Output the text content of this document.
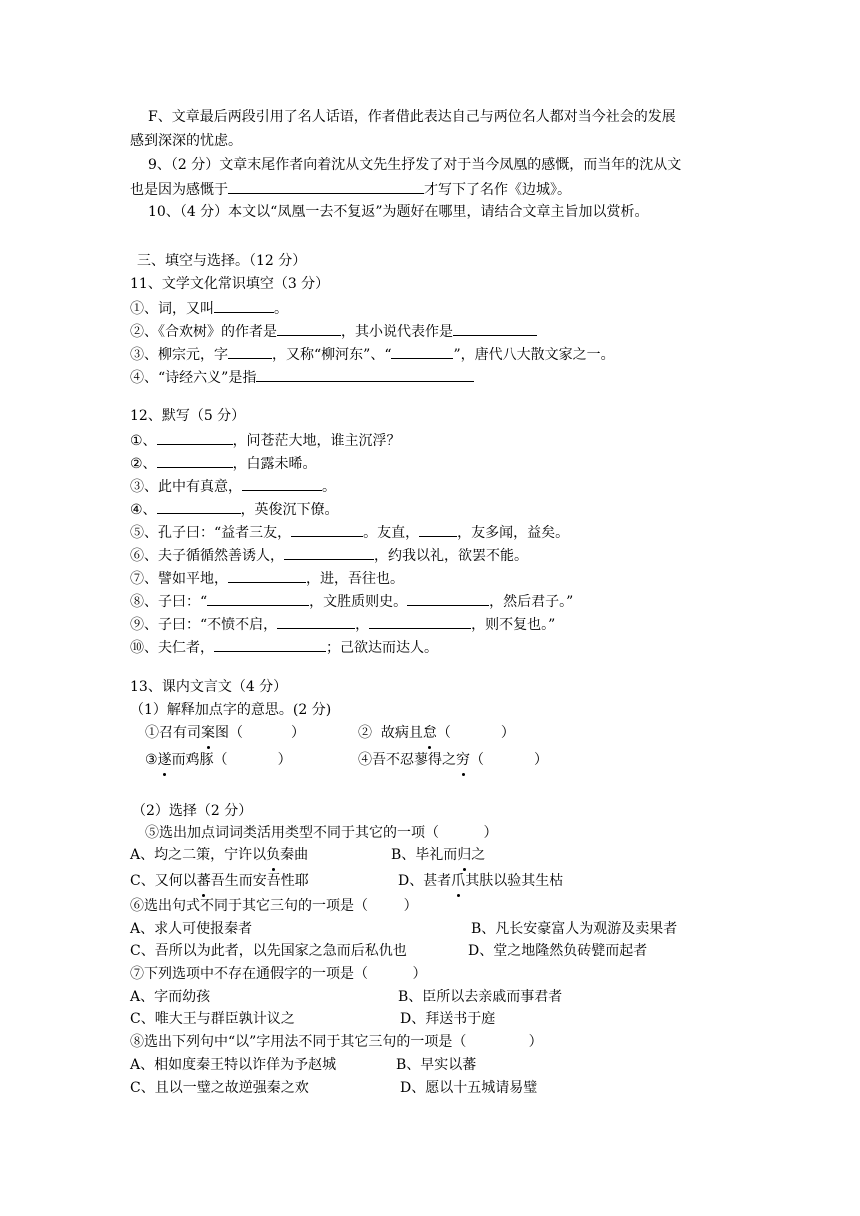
F、文章最后两段引用了名人话语，作者借此表达自己与两位名人都对当今社会的发展
感到深深的忧虑。
9、（2 分）文章末尾作者向着沈从文先生抒发了对于当今凤凰的感慨，而当年的沈从文
也是因为感慨于	才写下了名作《边城》。
10、（4 分）本文以“凤凰一去不复返”为题好在哪里，请结合文章主旨加以赏析。
三、填空与选择。（12 分）
11、文学文化常识填空（3 分）
①、词，又叫	。
②、《合欢树》的作者是	，其小说代表作是
③、柳宗元，字	，又称“柳河东”、“	”，唐代八大散文家之一。
④、“诗经六义”是指
12、默写（5 分）
①、	，问苍茫大地，谁主沉浮？
②、	，白露未晞。
③、此中有真意，	。
④、	，英俊沉下僚。
⑤、孔子曰：“益者三友，	。友直，	，友多闻，益矣。
⑥、夫子循循然善诱人，	，约我以礼，欲罢不能。
⑦、譬如平地，	，进，吾往也。
⑧、子曰：“	，文胜质则史。	，然后君子。”
⑨、子曰：“不愤不启，	，	，则不复也。”
⑩、夫仁者，	；己欲达而达人。
13、课内文言文（4 分）
（1）解释加点字的意思。(2 分)
①召有司案图（	）	②  故病且怠（	）
③遂而鸡豚（	）	④吾不忍蓼得之穷（	）
（2）选择（2 分）
⑤选出加点词词类活用类型不同于其它的一项（          ）
A、均之二策，宁许以负秦曲	B、毕礼而归之
C、又何以蕃吾生而安吾性耶	D、甚者爪其肤以验其生枯
⑥选出句式不同于其它三句的一项是（        ）
A、求人可使报秦者	B、凡长安豪富人为观游及卖果者
C、吾所以为此者，以先国家之急而后私仇也	D、堂之地隆然负砖甓而起者
⑦下列选项中不存在通假字的一项是（          ）
A、字而幼孩	B、臣所以去亲戚而事君者
C、唯大王与群臣孰计议之	D、拜送书于庭
⑧选出下列句中“以”字用法不同于其它三句的一项是（              ）
A、相如度秦王特以诈佯为予赵城	B、早实以蕃
C、且以一璧之故逆强秦之欢	D、愿以十五城请易璧
